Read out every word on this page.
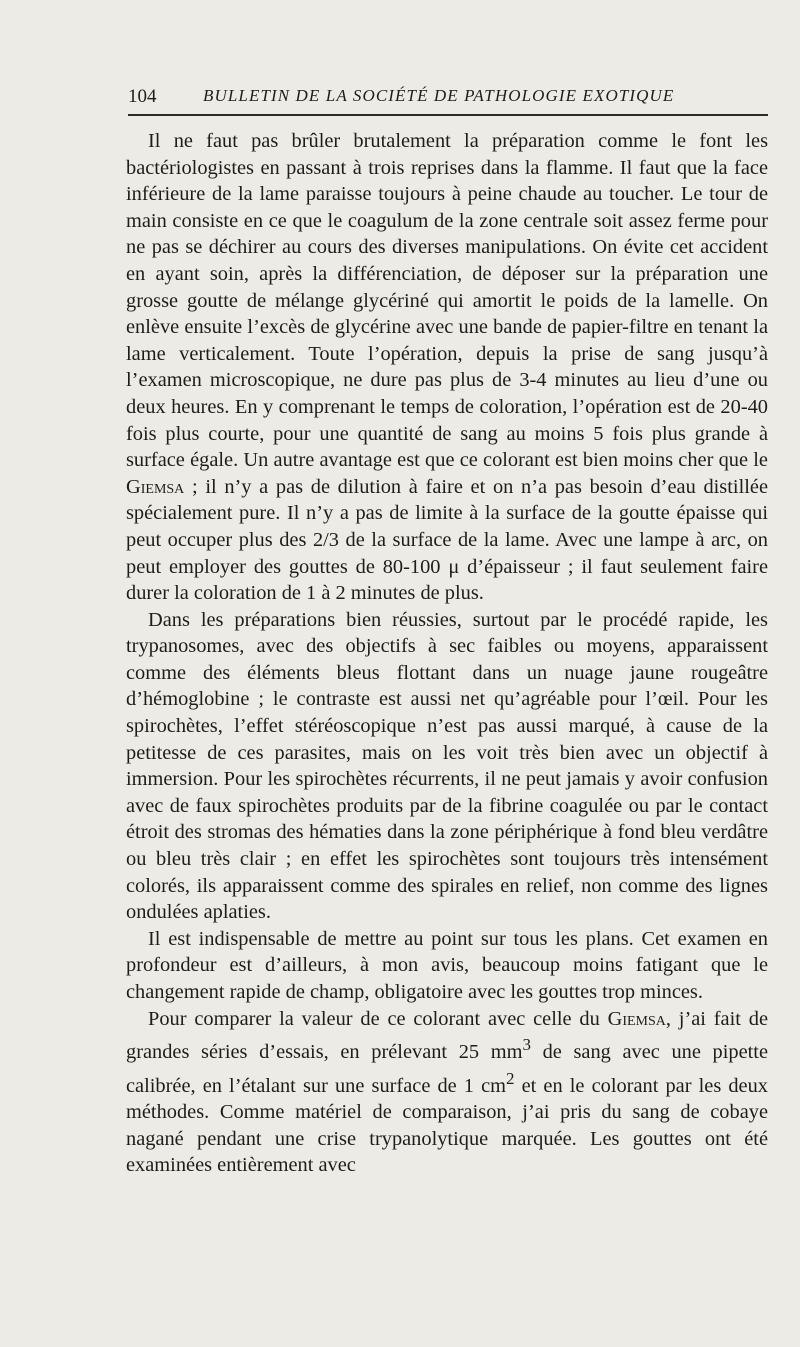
104	BULLETIN DE LA SOCIÉTÉ DE PATHOLOGIE EXOTIQUE

Il ne faut pas brûler brutalement la préparation comme le font les bactériologistes en passant à trois reprises dans la flamme. Il faut que la face inférieure de la lame paraisse toujours à peine chaude au toucher. Le tour de main consiste en ce que le coagulum de la zone centrale soit assez ferme pour ne pas se déchirer au cours des diverses manipulations. On évite cet accident en ayant soin, après la différenciation, de déposer sur la préparation une grosse goutte de mélange glycériné qui amortit le poids de la lamelle. On enlève ensuite l’excès de glycérine avec une bande de papier-filtre en tenant la lame verticalement. Toute l’opération, depuis la prise de sang jusqu’à l’examen microscopique, ne dure pas plus de 3-4 minutes au lieu d’une ou deux heures. En y comprenant le temps de coloration, l’opération est de 20-40 fois plus courte, pour une quantité de sang au moins 5 fois plus grande à surface égale. Un autre avantage est que ce colorant est bien moins cher que le Giemsa ; il n’y a pas de dilution à faire et on n’a pas besoin d’eau distillée spécialement pure. Il n’y a pas de limite à la surface de la goutte épaisse qui peut occuper plus des 2/3 de la surface de la lame. Avec une lampe à arc, on peut employer des gouttes de 80-100 μ d’épaisseur ; il faut seulement faire durer la coloration de 1 à 2 minutes de plus.

Dans les préparations bien réussies, surtout par le procédé rapide, les trypanosomes, avec des objectifs à sec faibles ou moyens, apparaissent comme des éléments bleus flottant dans un nuage jaune rougeâtre d’hémoglobine ; le contraste est aussi net qu’agréable pour l’œil. Pour les spirochètes, l’effet stéréoscopique n’est pas aussi marqué, à cause de la petitesse de ces parasites, mais on les voit très bien avec un objectif à immersion. Pour les spirochètes récurrents, il ne peut jamais y avoir confusion avec de faux spirochètes produits par de la fibrine coagulée ou par le contact étroit des stromas des hématies dans la zone périphérique à fond bleu verdâtre ou bleu très clair ; en effet les spirochètes sont toujours très intensément colorés, ils apparaissent comme des spirales en relief, non comme des lignes ondulées aplaties.

Il est indispensable de mettre au point sur tous les plans. Cet examen en profondeur est d’ailleurs, à mon avis, beaucoup moins fatigant que le changement rapide de champ, obligatoire avec les gouttes trop minces.

Pour comparer la valeur de ce colorant avec celle du Giemsa, j’ai fait de grandes séries d’essais, en prélevant 25 $mm^3$ de sang avec une pipette calibrée, en l’étalant sur une surface de 1 $cm^2$ et en le colorant par les deux méthodes. Comme matériel de comparaison, j’ai pris du sang de cobaye nagané pendant une crise trypanolytique marquée. Les gouttes ont été examinées entièrement avec
